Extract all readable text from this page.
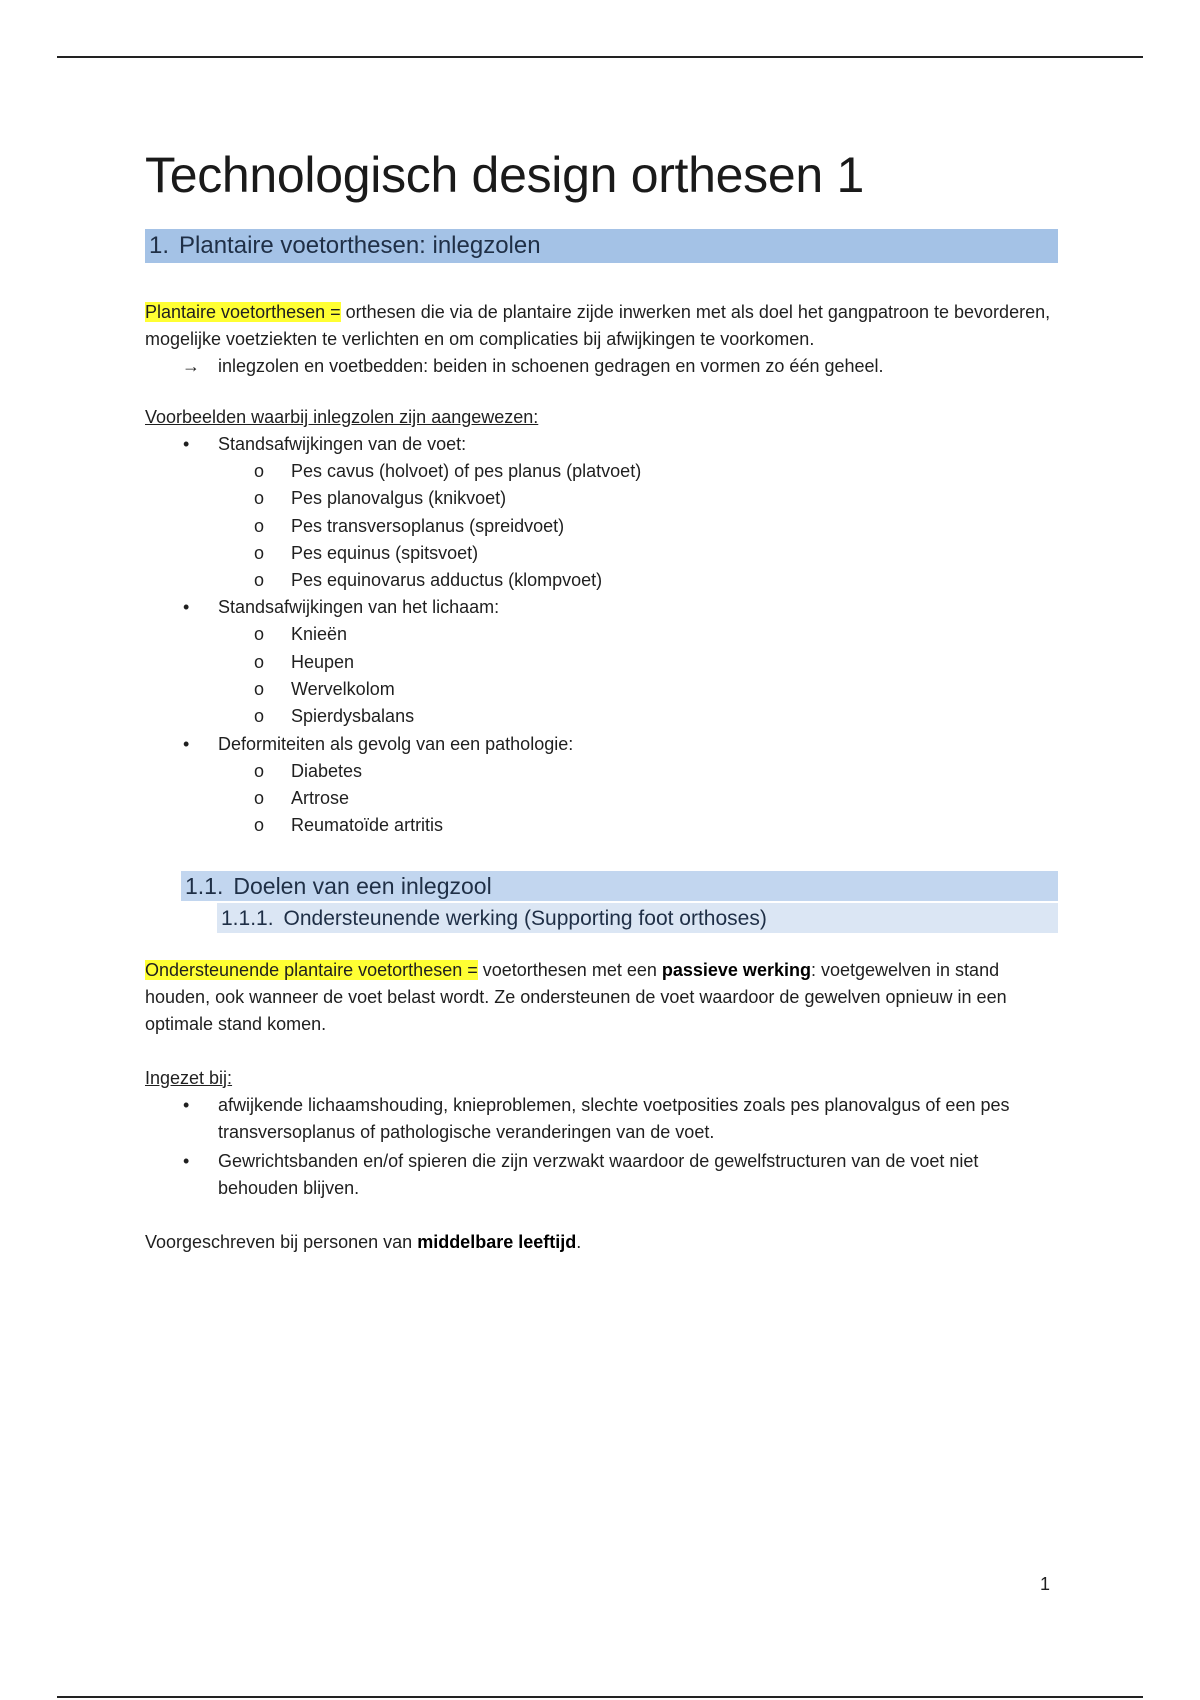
Technologisch design orthesen 1
1. Plantaire voetorthesen: inlegzolen

Plantaire voetorthesen = orthesen die via de plantaire zijde inwerken met als doel het gangpatroon te bevorderen, mogelijke voetziekten te verlichten en om complicaties bij afwijkingen te voorkomen.

→	inlegzolen en voetbedden: beiden in schoenen gedragen en vormen zo één geheel.

Voorbeelden waarbij inlegzolen zijn aangewezen:

• Standsafwijkingen van de voet:
o Pes cavus (holvoet) of pes planus (platvoet)
o Pes planovalgus (knikvoet)
o Pes transversoplanus (spreidvoet)
o Pes equinus (spitsvoet)
o Pes equinovarus adductus (klompvoet)
• Standsafwijkingen van het lichaam:
o Knieën
o Heupen
o Wervelkolom
o Spierdysbalans
• Deformiteiten als gevolg van een pathologie:
o Diabetes
o Artrose
o Reumatoïde artritis
1.1. Doelen van een inlegzool
1.1.1. Ondersteunende werking (Supporting foot orthoses)

Ondersteunende plantaire voetorthesen = voetorthesen met een passieve werking: voetgewelven in stand houden, ook wanneer de voet belast wordt. Ze ondersteunen de voet waardoor de gewelven opnieuw in een optimale stand komen.

Ingezet bij:

• afwijkende lichaamshouding, knieproblemen, slechte voetposities zoals pes planovalgus of een pes transversoplanus of pathologische veranderingen van de voet.
• Gewrichtsbanden en/of spieren die zijn verzwakt waardoor de gewelfstructuren van de voet niet behouden blijven.

Voorgeschreven bij personen van middelbare leeftijd.

1
